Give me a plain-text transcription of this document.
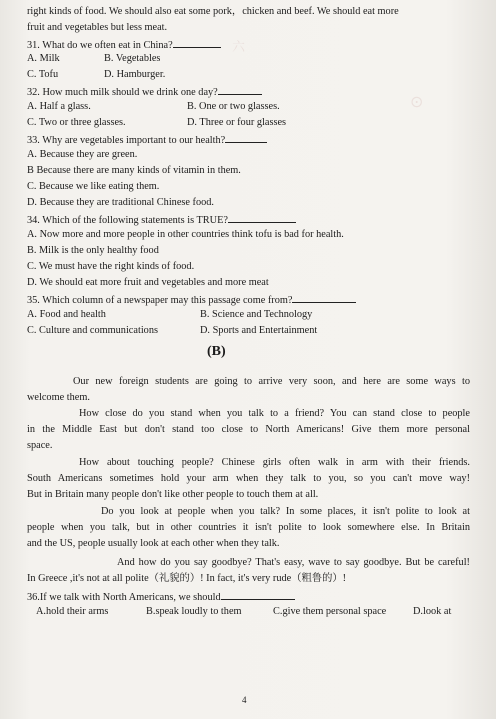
六
⊙
right kinds of food. We should also eat some pork，chicken and beef. We should eat more
fruit and vegetables but less meat.
31. What do we often eat in China?
A. Milk	B. Vegetables
C. Tofu	D. Hamburger.
32. How much milk should we drink one day?
A. Half a glass.	B. One or two glasses.
C. Two or three glasses.	D. Three or four glasses
33. Why are vegetables important to our health?
A. Because they are green.
B Because there are many kinds of vitamin in them.
C. Because we like eating them.
D. Because they are traditional Chinese food.
34. Which of the following statements is TRUE?
A. Now more and more people in other countries think tofu is bad for health.
B. Milk is the only healthy food
C. We must have the right kinds of food.
D. We should eat more fruit and vegetables and more meat
35. Which column of a newspaper may this passage come from?
A. Food and health	B. Science and Technology
C. Culture and communications	D. Sports and Entertainment
(B)
Our new foreign students are going to arrive very soon, and here are some ways to
welcome them.
How close do you stand when you talk to a friend? You can stand close to people
in the Middle East but don't stand too close to North Americans! Give them more personal
space.
How about touching people? Chinese girls often walk in arm with their friends.
South Americans sometimes hold your arm when they talk to you, so you can't move way!
But in Britain many people don't like other people to touch them at all.
Do you look at people when you talk? In some places, it isn't polite to look at
people when you talk, but in other countries it isn't polite to look somewhere else. In Britain
and the US, people usually look at each other when they talk.
And how do you say goodbye? That's easy, wave to say goodbye. But be careful!
In Greece ,it's not at all polite（礼貌的）! In fact, it's very rude（粗鲁的）!
36.If we talk with North Americans, we should
A.hold their arms	B.speak loudly to them	C.give them personal space	D.look at
4
